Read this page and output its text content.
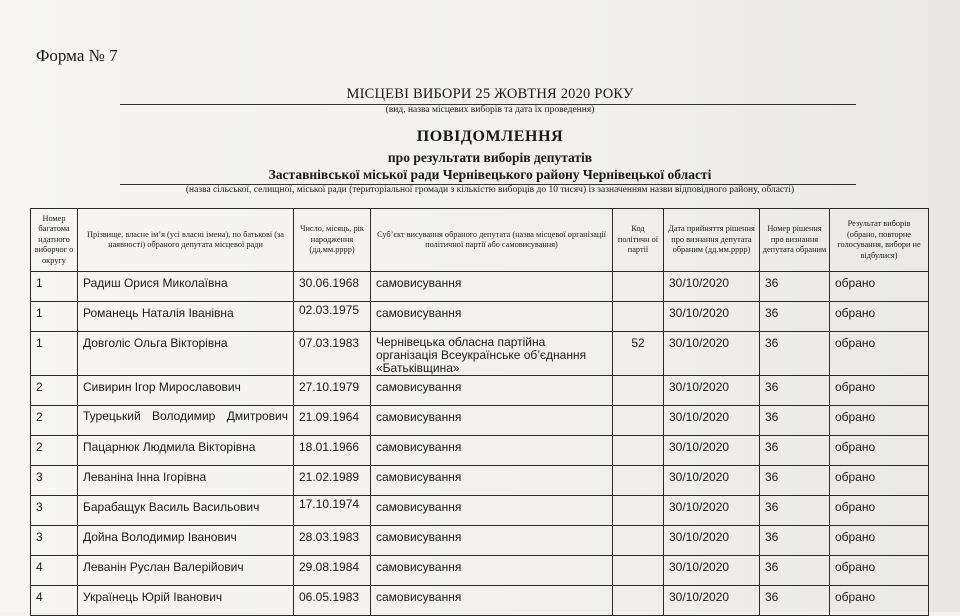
Форма № 7
МІСЦЕВІ ВИБОРИ 25 ЖОВТНЯ 2020 РОКУ
(вид, назва місцевих виборів та дата їх проведення)
ПОВІДОМЛЕННЯ
про результати виборів депутатів
Заставнівської міської ради Чернівецького району Чернівецької області
(назва сільської, селищної, міської ради (територіальної громади з кількістю виборців до 10 тисяч) із зазначенням назви відповідного району, області)
Номер багатома ндатного виборчог о округу	Прізвище, власне ім’я (усі власні імена), по батькові (за наявності) обраного депутата місцевої ради	Число, місяць, рік народження (дд.мм.рррр)	Суб’єкт висування обраного депутата (назва місцевої організації політичної партії або самовисування)	Код політичн ої партії	Дата прийняття рішення про визнання депутата обраним (дд.мм.рррр)	Номер рішення про визнання депутата обраним	Результат виборів (обрано, повторне голосування, вибори не відбулися)
1	Радиш Орися Миколаївна	30.06.1968	самовисування		30/10/2020	36	обрано
1	Романець Наталія Іванівна	02.03.1975	самовисування		30/10/2020	36	обрано
1	Довголіс Ольга Вікторівна	07.03.1983	Чернівецька обласна партійна організація Всеукраїнське об’єднання «Батьківщина»	52	30/10/2020	36	обрано
2	Сивирин Ігор Мирославович	27.10.1979	самовисування		30/10/2020	36	обрано
2	Турецький Володимир Дмитрович	21.09.1964	самовисування		30/10/2020	36	обрано
2	Пацарнюк Людмила Вікторівна	18.01.1966	самовисування		30/10/2020	36	обрано
3	Леваніна Інна Ігорівна	21.02.1989	самовисування		30/10/2020	36	обрано
3	Барабащук Василь Васильович	17.10.1974	самовисування		30/10/2020	36	обрано
3	Дойна Володимир Іванович	28.03.1983	самовисування		30/10/2020	36	обрано
4	Леванін Руслан Валерійович	29.08.1984	самовисування		30/10/2020	36	обрано
4	Українець Юрій Іванович	06.05.1983	самовисування		30/10/2020	36	обрано
